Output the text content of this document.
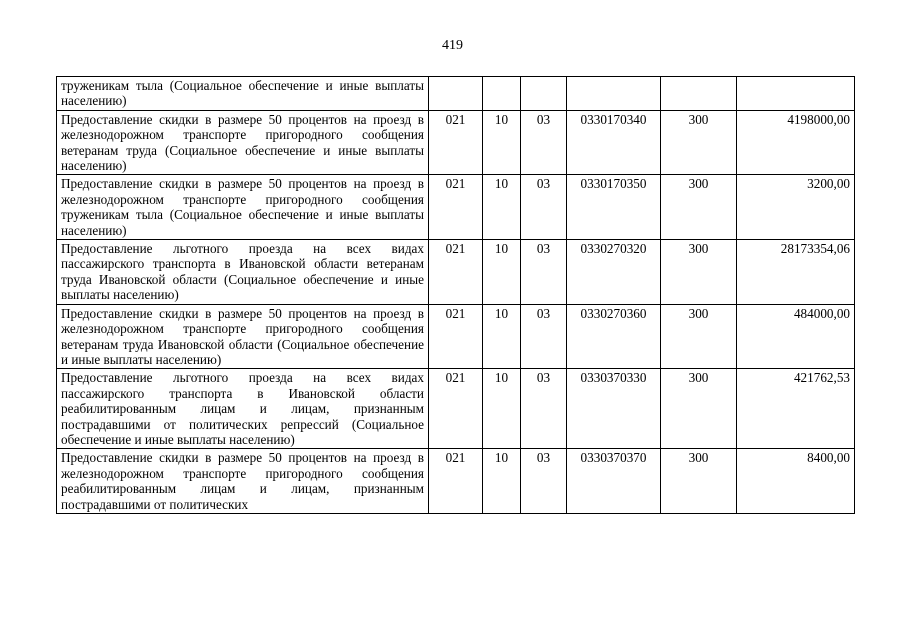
419
труженикам тыла (Социальное обеспечение и иные выплаты населению)						
Предоставление скидки в размере 50 процентов на проезд в железнодорожном транспорте пригородного сообщения ветеранам труда (Социальное обеспечение и иные выплаты населению)	021	10	03	0330170340	300	4198000,00
Предоставление скидки в размере 50 процентов на проезд в железнодорожном транспорте пригородного сообщения труженикам тыла (Социальное обеспечение и иные выплаты населению)	021	10	03	0330170350	300	3200,00
Предоставление льготного проезда на всех видах пассажирского транспорта в Ивановской области ветеранам труда Ивановской области (Социальное обеспечение и иные выплаты населению)	021	10	03	0330270320	300	28173354,06
Предоставление скидки в размере 50 процентов на проезд в железнодорожном транспорте пригородного сообщения ветеранам труда Ивановской области (Социальное обеспечение и иные выплаты населению)	021	10	03	0330270360	300	484000,00
Предоставление льготного проезда на всех видах пассажирского транспорта в Ивановской области реабилитированным лицам и лицам, признанным пострадавшими от политических репрессий (Социальное обеспечение и иные выплаты населению)	021	10	03	0330370330	300	421762,53
Предоставление скидки в размере 50 процентов на проезд в железнодорожном транспорте пригородного сообщения реабилитированным лицам и лицам, признанным пострадавшими от политических	021	10	03	0330370370	300	8400,00
